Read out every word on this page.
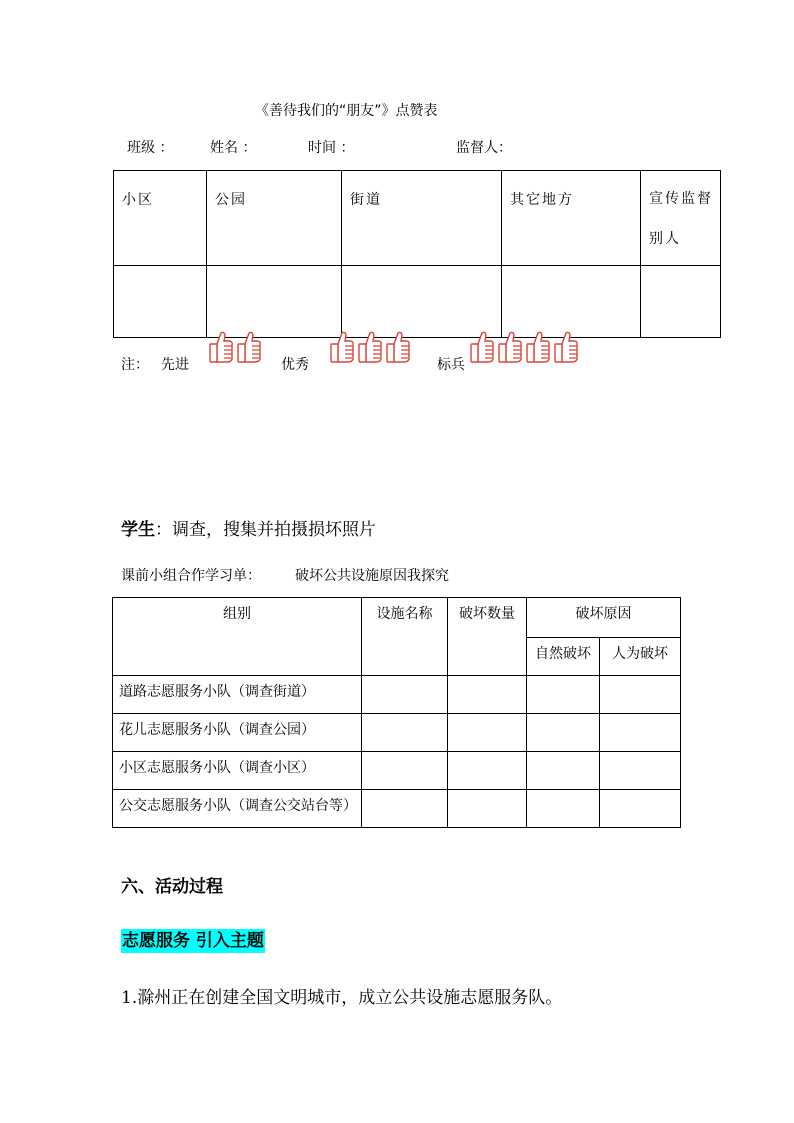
《善待我们的“朋友”》点赞表
班级 ：	姓名 ：	时间 ：	监督人：
小区	公园	街道	其它地方	宣传监督
别人

注： 先进	优秀	标兵
学生：调查，搜集并拍摄损坏照片
课前小组合作学习单： 破坏公共设施原因我探究
组别	设施名称	破坏数量	破坏原因	
			自然破坏	人为破坏
道路志愿服务小队（调查街道）				
花儿志愿服务小队（调查公园）				
小区志愿服务小队（调查小区）				
公交志愿服务小队（调查公交站台等）				
六、活动过程
志愿服务 引入主题
1.滁州正在创建全国文明城市，成立公共设施志愿服务队。
